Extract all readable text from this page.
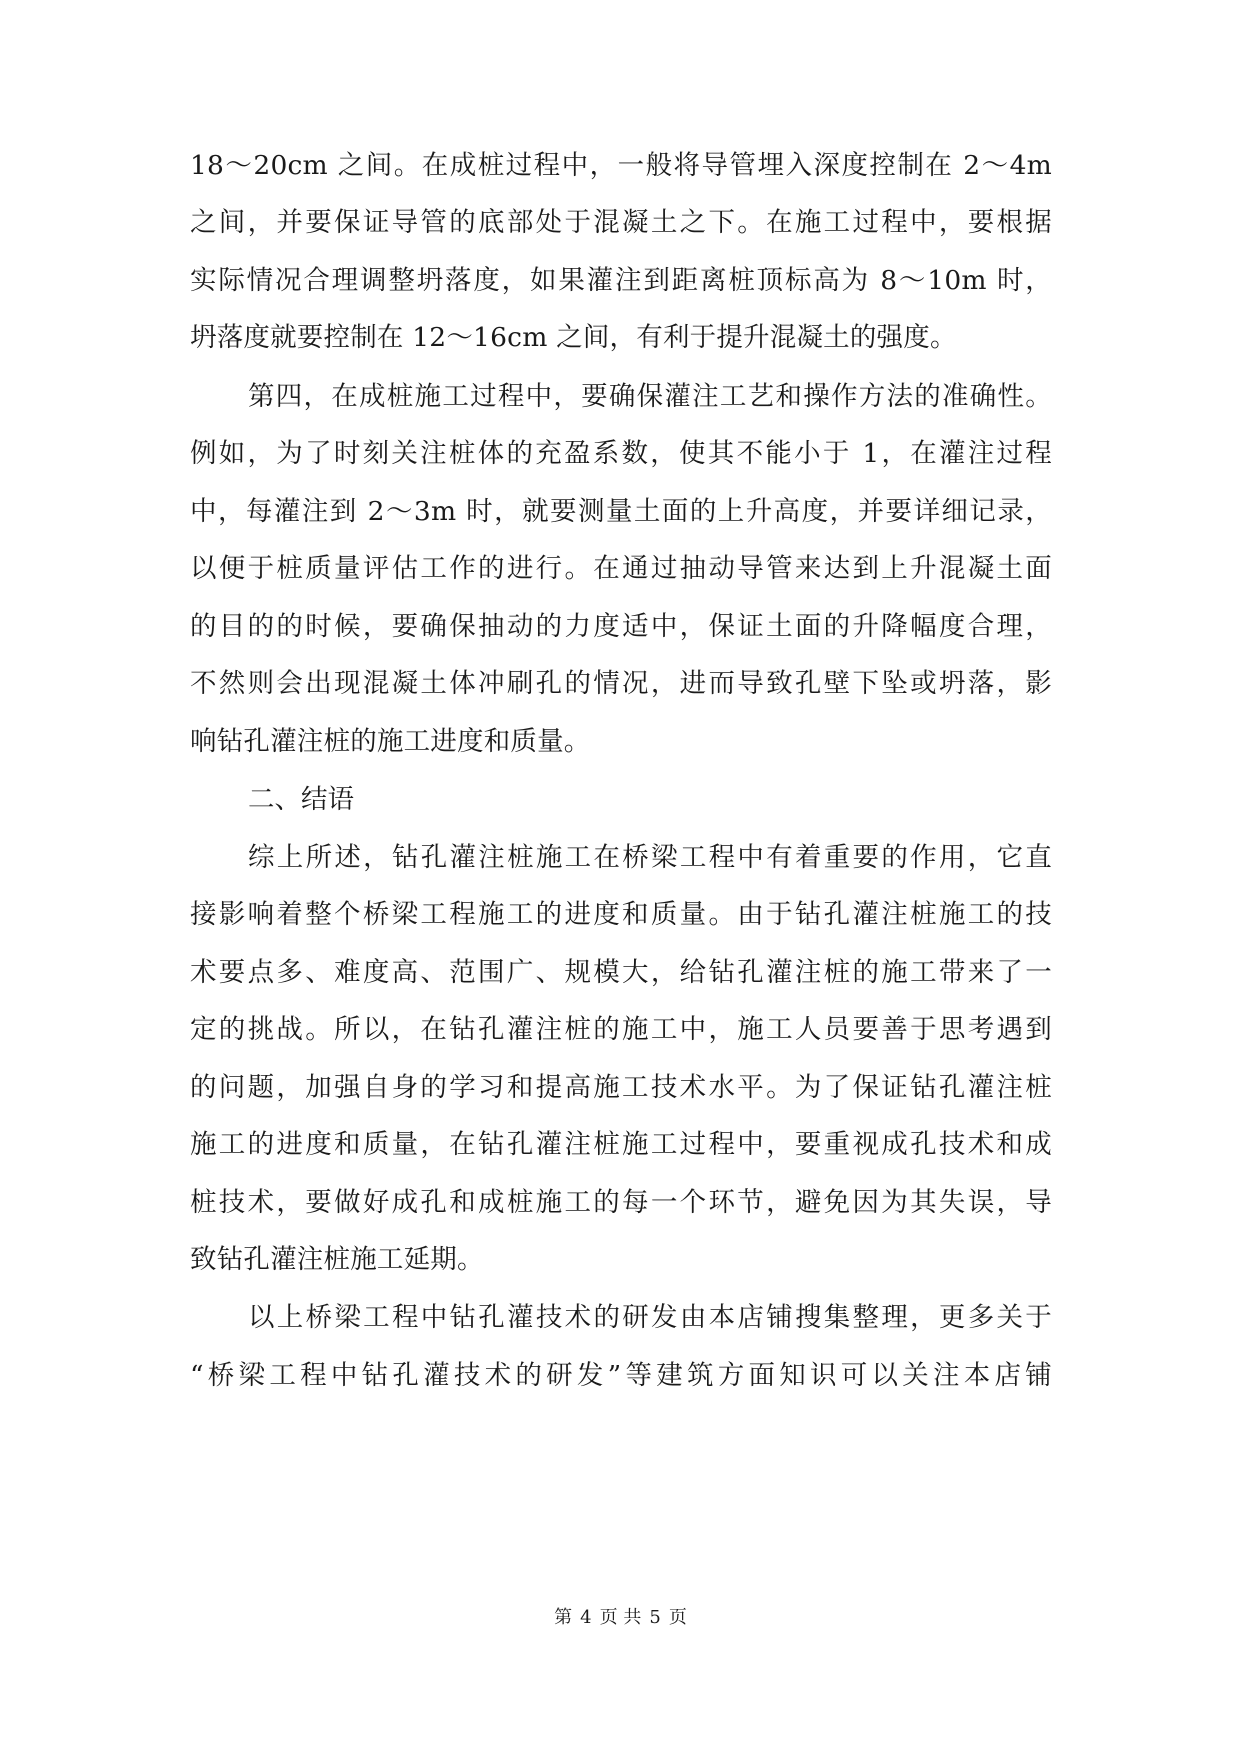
18～20cm 之间。在成桩过程中，一般将导管埋入深度控制在 2～4m
之间，并要保证导管的底部处于混凝土之下。在施工过程中，要根据
实际情况合理调整坍落度，如果灌注到距离桩顶标高为 8～10m 时，
坍落度就要控制在 12～16cm 之间，有利于提升混凝土的强度。
第四，在成桩施工过程中，要确保灌注工艺和操作方法的准确性。
例如，为了时刻关注桩体的充盈系数，使其不能小于 1，在灌注过程
中，每灌注到 2～3m 时，就要测量土面的上升高度，并要详细记录，
以便于桩质量评估工作的进行。在通过抽动导管来达到上升混凝土面
的目的的时候，要确保抽动的力度适中，保证土面的升降幅度合理，
不然则会出现混凝土体冲刷孔的情况，进而导致孔壁下坠或坍落，影
响钻孔灌注桩的施工进度和质量。
二、结语
综上所述，钻孔灌注桩施工在桥梁工程中有着重要的作用，它直
接影响着整个桥梁工程施工的进度和质量。由于钻孔灌注桩施工的技
术要点多、难度高、范围广、规模大，给钻孔灌注桩的施工带来了一
定的挑战。所以，在钻孔灌注桩的施工中，施工人员要善于思考遇到
的问题，加强自身的学习和提高施工技术水平。为了保证钻孔灌注桩
施工的进度和质量，在钻孔灌注桩施工过程中，要重视成孔技术和成
桩技术，要做好成孔和成桩施工的每一个环节，避免因为其失误，导
致钻孔灌注桩施工延期。
以上桥梁工程中钻孔灌技术的研发由本店铺搜集整理，更多关于
“桥梁工程中钻孔灌技术的研发”等建筑方面知识可以关注本店铺
第 4 页 共 5 页
